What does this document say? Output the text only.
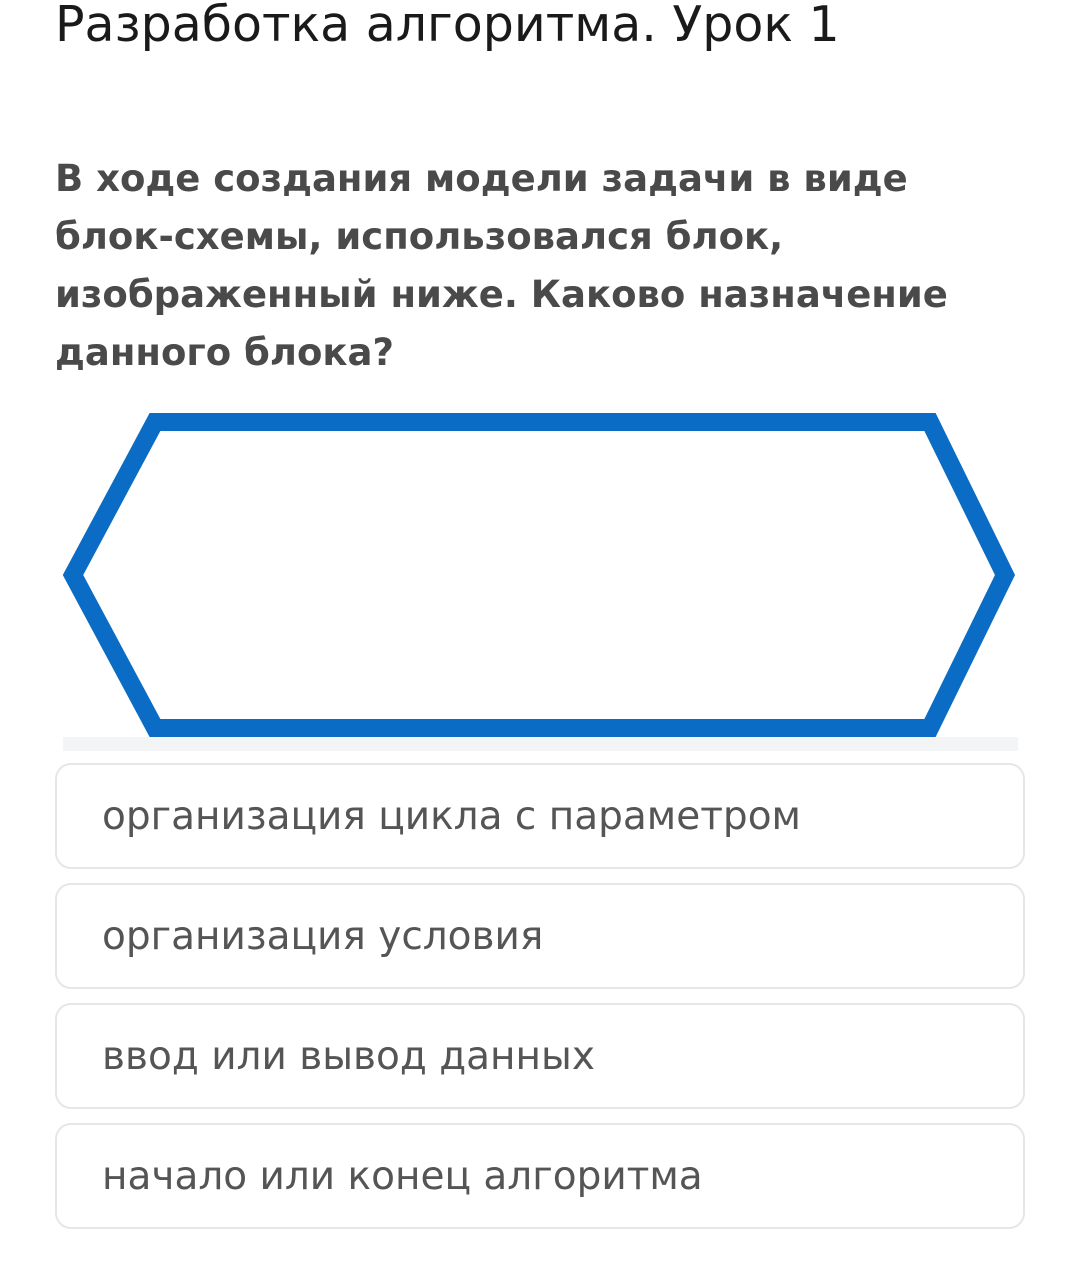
Разработка алгоритма. Урок 1

В ходе создания модели задачи в виде блок-схемы, использовался блок, изображенный ниже. Каково назначение данного блока?

организация цикла с параметром
организация условия
ввод или вывод данных
начало или конец алгоритма
